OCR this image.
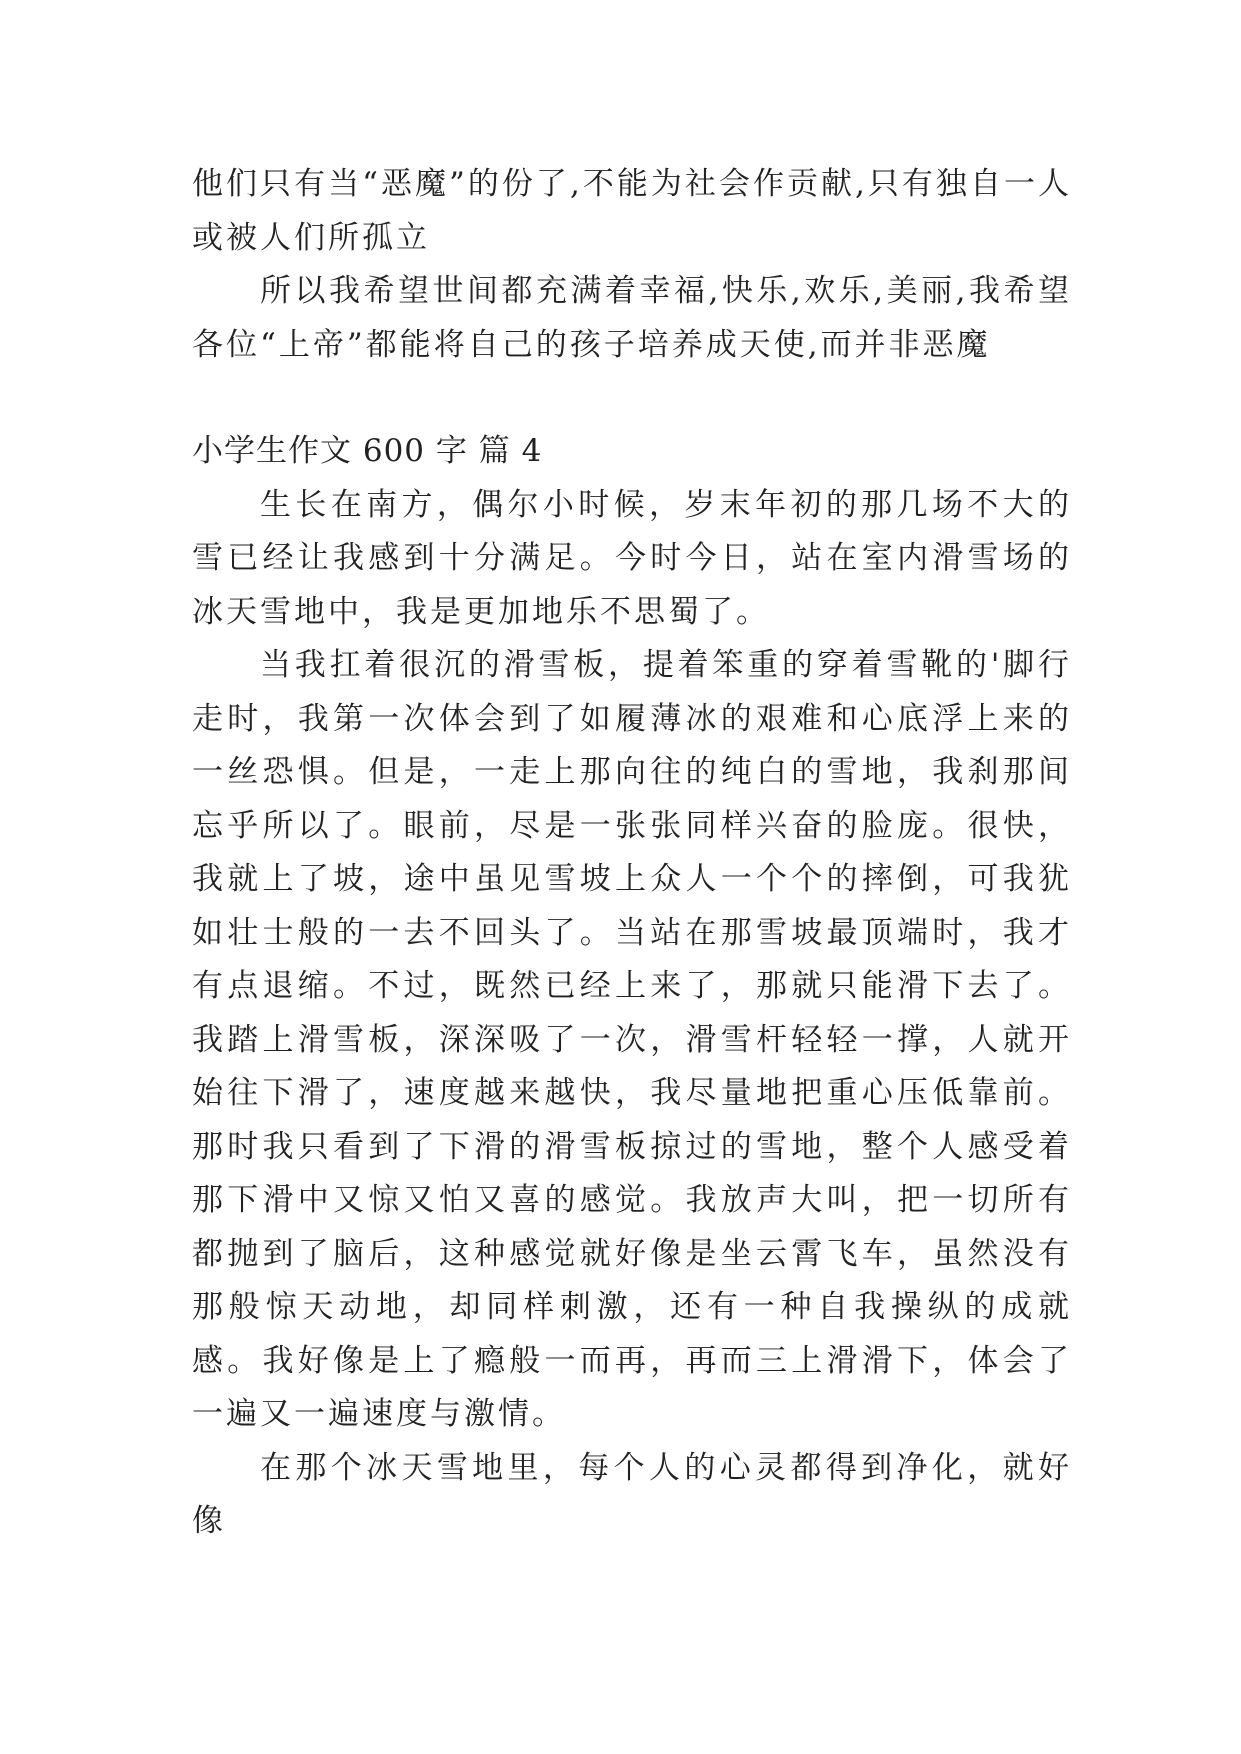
他们只有当“恶魔”的份了,不能为社会作贡献,只有独自一人或被人们所孤立

所以我希望世间都充满着幸福,快乐,欢乐,美丽,我希望各位“上帝”都能将自己的孩子培养成天使,而并非恶魔

小学生作文 600 字 篇 4

生长在南方，偶尔小时候，岁末年初的那几场不大的雪已经让我感到十分满足。今时今日，站在室内滑雪场的冰天雪地中，我是更加地乐不思蜀了。

当我扛着很沉的滑雪板，提着笨重的穿着雪靴的'脚行走时，我第一次体会到了如履薄冰的艰难和心底浮上来的一丝恐惧。但是，一走上那向往的纯白的雪地，我刹那间忘乎所以了。眼前，尽是一张张同样兴奋的脸庞。很快，我就上了坡，途中虽见雪坡上众人一个个的摔倒，可我犹如壮士般的一去不回头了。当站在那雪坡最顶端时，我才有点退缩。不过，既然已经上来了，那就只能滑下去了。我踏上滑雪板，深深吸了一次，滑雪杆轻轻一撑，人就开始往下滑了，速度越来越快，我尽量地把重心压低靠前。那时我只看到了下滑的滑雪板掠过的雪地，整个人感受着那下滑中又惊又怕又喜的感觉。我放声大叫，把一切所有都抛到了脑后，这种感觉就好像是坐云霄飞车，虽然没有那般惊天动地，却同样刺激，还有一种自我操纵的成就感。我好像是上了瘾般一而再，再而三上滑滑下，体会了一遍又一遍速度与激情。

在那个冰天雪地里，每个人的心灵都得到净化，就好像
